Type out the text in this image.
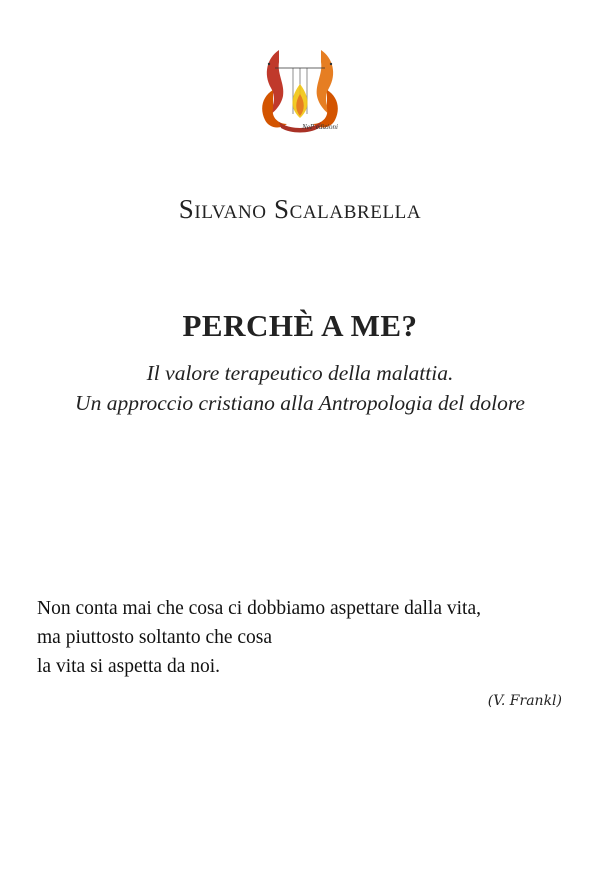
NeP edizioni
Silvano Scalabrella
PERCHÈ A ME?
Il valore terapeutico della malattia.
Un approccio cristiano alla Antropologia del dolore
Non conta mai che cosa ci dobbiamo aspettare dalla vita,
ma piuttosto soltanto che cosa
la vita si aspetta da noi.
(V. Frankl)
